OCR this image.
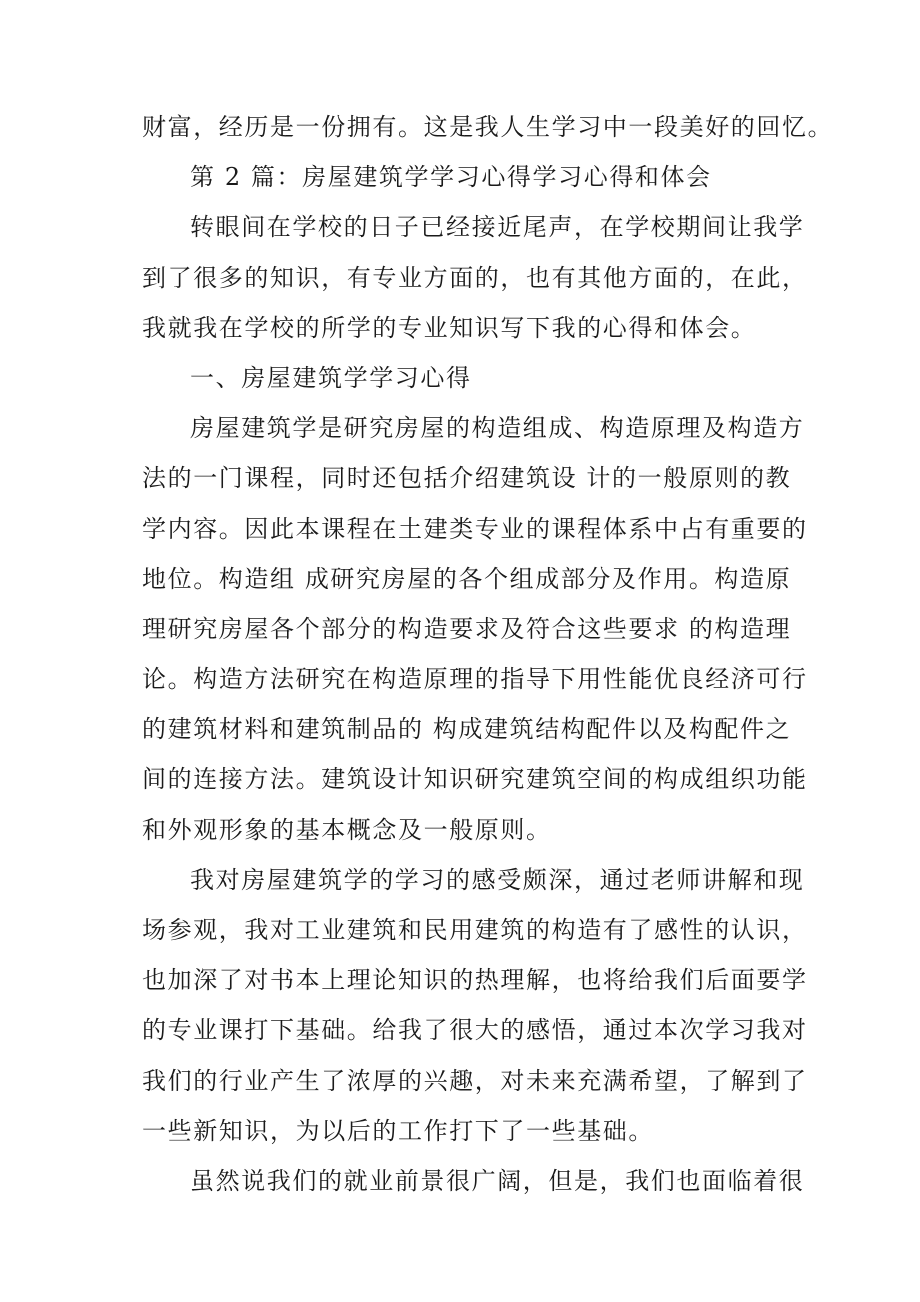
财富，经历是一份拥有。这是我人生学习中一段美好的回忆。
第 2 篇：房屋建筑学学习心得学习心得和体会
转眼间在学校的日子已经接近尾声，在学校期间让我学
到了很多的知识，有专业方面的，也有其他方面的，在此，
我就我在学校的所学的专业知识写下我的心得和体会。
一、房屋建筑学学习心得
房屋建筑学是研究房屋的构造组成、构造原理及构造方
法的一门课程，同时还包括介绍建筑设 计的一般原则的教
学内容。因此本课程在土建类专业的课程体系中占有重要的
地位。构造组 成研究房屋的各个组成部分及作用。构造原
理研究房屋各个部分的构造要求及符合这些要求 的构造理
论。构造方法研究在构造原理的指导下用性能优良经济可行
的建筑材料和建筑制品的 构成建筑结构配件以及构配件之
间的连接方法。建筑设计知识研究建筑空间的构成组织功能
和外观形象的基本概念及一般原则。
我对房屋建筑学的学习的感受颇深，通过老师讲解和现
场参观，我对工业建筑和民用建筑的构造有了感性的认识，
也加深了对书本上理论知识的热理解，也将给我们后面要学
的专业课打下基础。给我了很大的感悟，通过本次学习我对
我们的行业产生了浓厚的兴趣，对未来充满希望，了解到了
一些新知识，为以后的工作打下了一些基础。
虽然说我们的就业前景很广阔，但是，我们也面临着很
